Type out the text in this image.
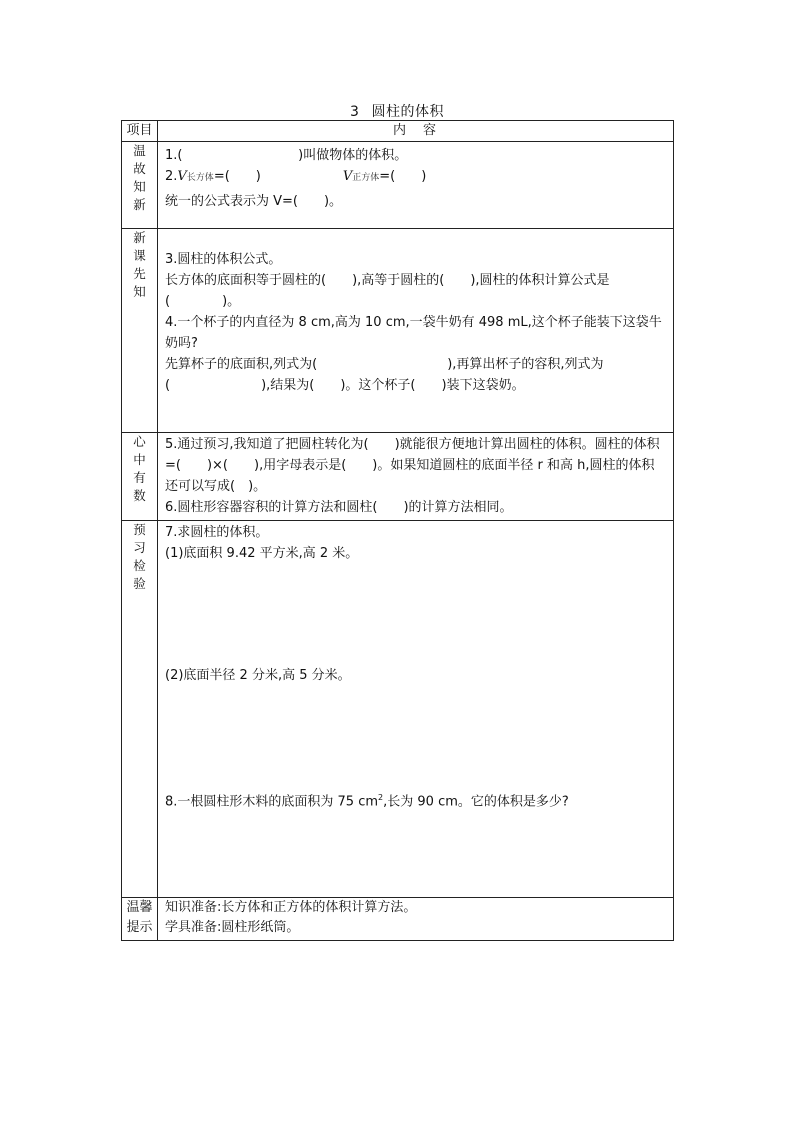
3 圆柱的体积
项目	内　容

温故知新	1.(                            )叫做物体的体积。

2.V长方体=(　　) V正方体=(　　)

统一的公式表示为 V=(　　)。

新课先知	3.圆柱的体积公式。

长方体的底面积等于圆柱的(　　),高等于圆柱的(　　),圆柱的体积计算公式是(　　　　)。

4.一个杯子的内直径为 8 cm,高为 10 cm,一袋牛奶有 498 mL,这个杯子能装下这袋牛奶吗?

先算杯子的底面积,列式为(　　　　　　　　　　),再算出杯子的容积,列式为(　　　　　　　),结果为(　　)。这个杯子(　　)装下这袋奶。

心中有数	5.通过预习,我知道了把圆柱转化为(　　)就能很方便地计算出圆柱的体积。圆柱的体积=(　　)×(　　),用字母表示是(　　)。如果知道圆柱的底面半径 r 和高 h,圆柱的体积还可以写成(　)。

6.圆柱形容器容积的计算方法和圆柱(　　)的计算方法相同。

预习检验	7.求圆柱的体积。

(1)底面积 9.42 平方米,高 2 米。

(2)底面半径 2 分米,高 5 分米。

8.一根圆柱形木料的底面积为 75 $cm^2$,长为 90 cm。它的体积是多少?

温馨提示	知识准备:长方体和正方体的体积计算方法。

学具准备:圆柱形纸筒。
